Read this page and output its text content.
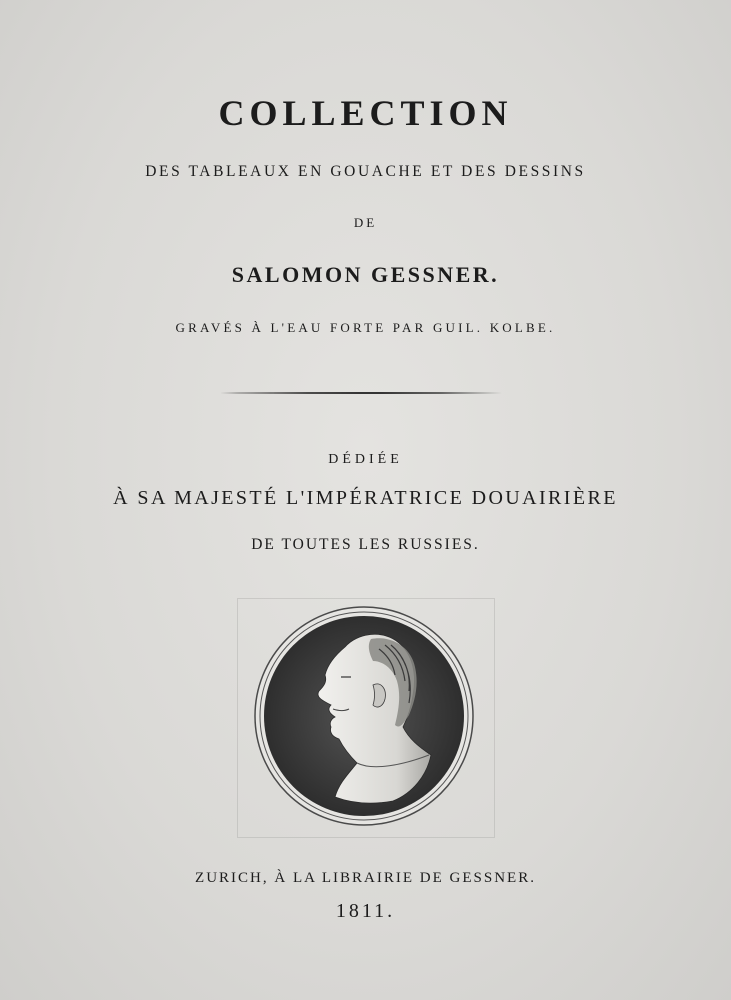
COLLECTION
DES TABLEAUX EN GOUACHE ET DES DESSINS
DE
SALOMON GESSNER.
GRAVÉS À L'EAU FORTE PAR GUIL. KOLBE.
DÉDIÉE
À SA MAJESTÉ L'IMPÉRATRICE DOUAIRIÈRE
DE TOUTES LES RUSSIES.
ZURICH, À LA LIBRAIRIE DE GESSNER.
1811.
